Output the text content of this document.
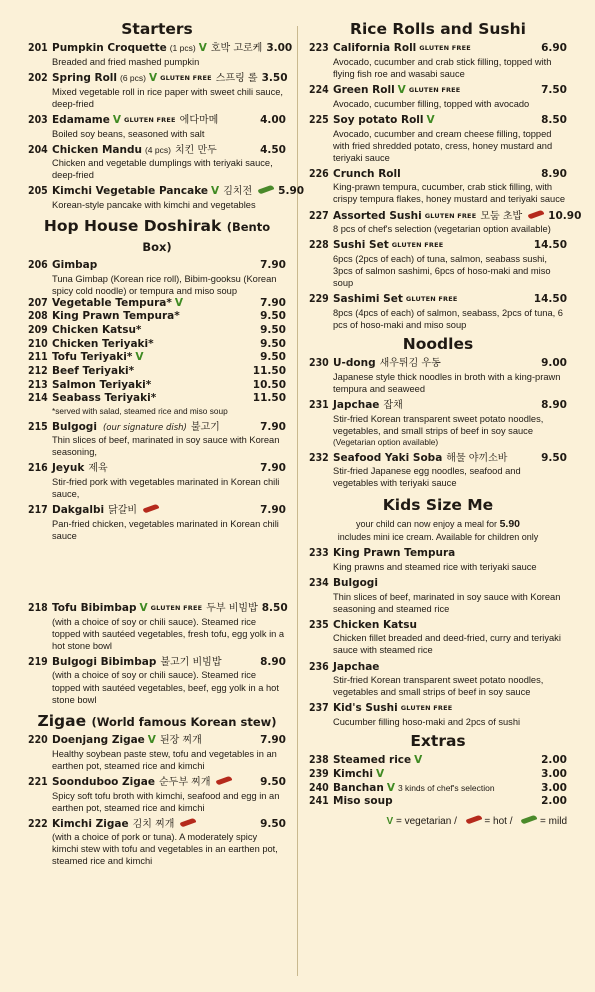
Starters
201 Pumpkin Croquette (1 pcs) V 호박 고로케 3.00
Breaded and fried mashed pumpkin
202 Spring Roll (6 pcs) V GLUTEN FREE 스프링 롤 3.50
Mixed vegetable roll in rice paper with sweet chili sauce, deep-fried
203 Edamame V GLUTEN FREE 에다마메	4.00
Boiled soy beans, seasoned with salt
204 Chicken Mandu (4 pcs) 치킨 만두	4.50
Chicken and vegetable dumplings with teriyaki sauce, deep-fried
205 Kimchi Vegetable Pancake V 김치전	5.90
Korean-style pancake with kimchi and vegetables
Hop House Doshirak (Bento Box)
206 Gimbap	7.90
Tuna Gimbap (Korean rice roll), Bibim-gooksu (Korean spicy cold noodle) or tempura and miso soup
207 Vegetable Tempura* V	7.90
208 King Prawn Tempura*	9.50
209 Chicken Katsu*	9.50
210 Chicken Teriyaki*	9.50
211 Tofu Teriyaki* V	9.50
212 Beef Teriyaki*	11.50
213 Salmon Teriyaki*	10.50
214 Seabass Teriyaki*	11.50
*served with salad, steamed rice and miso soup
215 Bulgogi (our signature dish) 불고기	7.90
Thin slices of beef, marinated in soy sauce with Korean seasoning,
216 Jeyuk 제육	7.90
Stir-fried pork with vegetables marinated in Korean chili sauce,
217 Dakgalbi 닭갈비	7.90
Pan-fried chicken, vegetables marinated in Korean chili sauce
218 Tofu Bibimbap V GLUTEN FREE 두부 비빔밥 8.50
(with a choice of soy or chili sauce). Steamed rice topped with sautéed vegetables, fresh tofu, egg yolk in a hot stone bowl
219 Bulgogi Bibimbap 불고기 비빔밥	8.90
(with a choice of soy or chili sauce). Steamed rice topped with sautéed vegetables, beef, egg yolk in a hot stone bowl
Zigae (World famous Korean stew)
220 Doenjang Zigae V 된장 찌개	7.90
Healthy soybean paste stew, tofu and vegetables in an earthen pot, steamed rice and kimchi
221 Soonduboo Zigae 순두부 찌개	9.50
Spicy soft tofu broth with kimchi, seafood and egg in an earthen pot, steamed rice and kimchi
222 Kimchi Zigae 김치 찌개	9.50
(with a choice of pork or tuna). A moderately spicy kimchi stew with tofu and vegetables in an earthen pot, steamed rice and kimchi
Rice Rolls and Sushi
223 California Roll GLUTEN FREE	6.90
Avocado, cucumber and crab stick filling, topped with flying fish roe and wasabi sauce
224 Green Roll V GLUTEN FREE	7.50
Avocado, cucumber filling, topped with avocado
225 Soy potato Roll V	8.50
Avocado, cucumber and cream cheese filling, topped with fried shredded potato, cress, honey mustard and teriyaki sauce
226 Crunch Roll	8.90
King-prawn tempura, cucumber, crab stick filling, with crispy tempura flakes, honey mustard and teriyaki sauce
227 Assorted Sushi GLUTEN FREE 모둠 초밥	10.90
8 pcs of chef's selection (vegetarian option available)
228 Sushi Set GLUTEN FREE	14.50
6pcs (2pcs of each) of tuna, salmon, seabass sushi, 3pcs of salmon sashimi, 6pcs of hoso-maki and miso soup
229 Sashimi Set GLUTEN FREE	14.50
8pcs (4pcs of each) of salmon, seabass, 2pcs of tuna, 6 pcs of hoso-maki and miso soup
Noodles
230 U-dong 새우튀김 우동	9.00
Japanese style thick noodles in broth with a king-prawn tempura and seaweed
231 Japchae 잡채	8.90
Stir-fried Korean transparent sweet potato noodles, vegetables, and small strips of beef in soy sauce
(Vegetarian option available)
232 Seafood Yaki Soba 해물 야끼소바	9.50
Stir-fried Japanese egg noodles, seafood and vegetables with teriyaki sauce
Kids Size Me
your child can now enjoy a meal for 5.90
includes mini ice cream. Available for children only
233 King Prawn Tempura
King prawns and steamed rice with teriyaki sauce
234 Bulgogi
Thin slices of beef, marinated in soy sauce with Korean seasoning and steamed rice
235 Chicken Katsu
Chicken fillet breaded and deed-fried, curry and teriyaki sauce with steamed rice
236 Japchae
Stir-fried Korean transparent sweet potato noodles, vegetables and small strips of beef in soy sauce
237 Kid's Sushi GLUTEN FREE
Cucumber filling hoso-maki and 2pcs of sushi
Extras
238 Steamed rice V	2.00
239 Kimchi V	3.00
240 Banchan V 3 kinds of chef's selection	3.00
241 Miso soup	2.00
V = vegetarian /	= hot /	= mild
